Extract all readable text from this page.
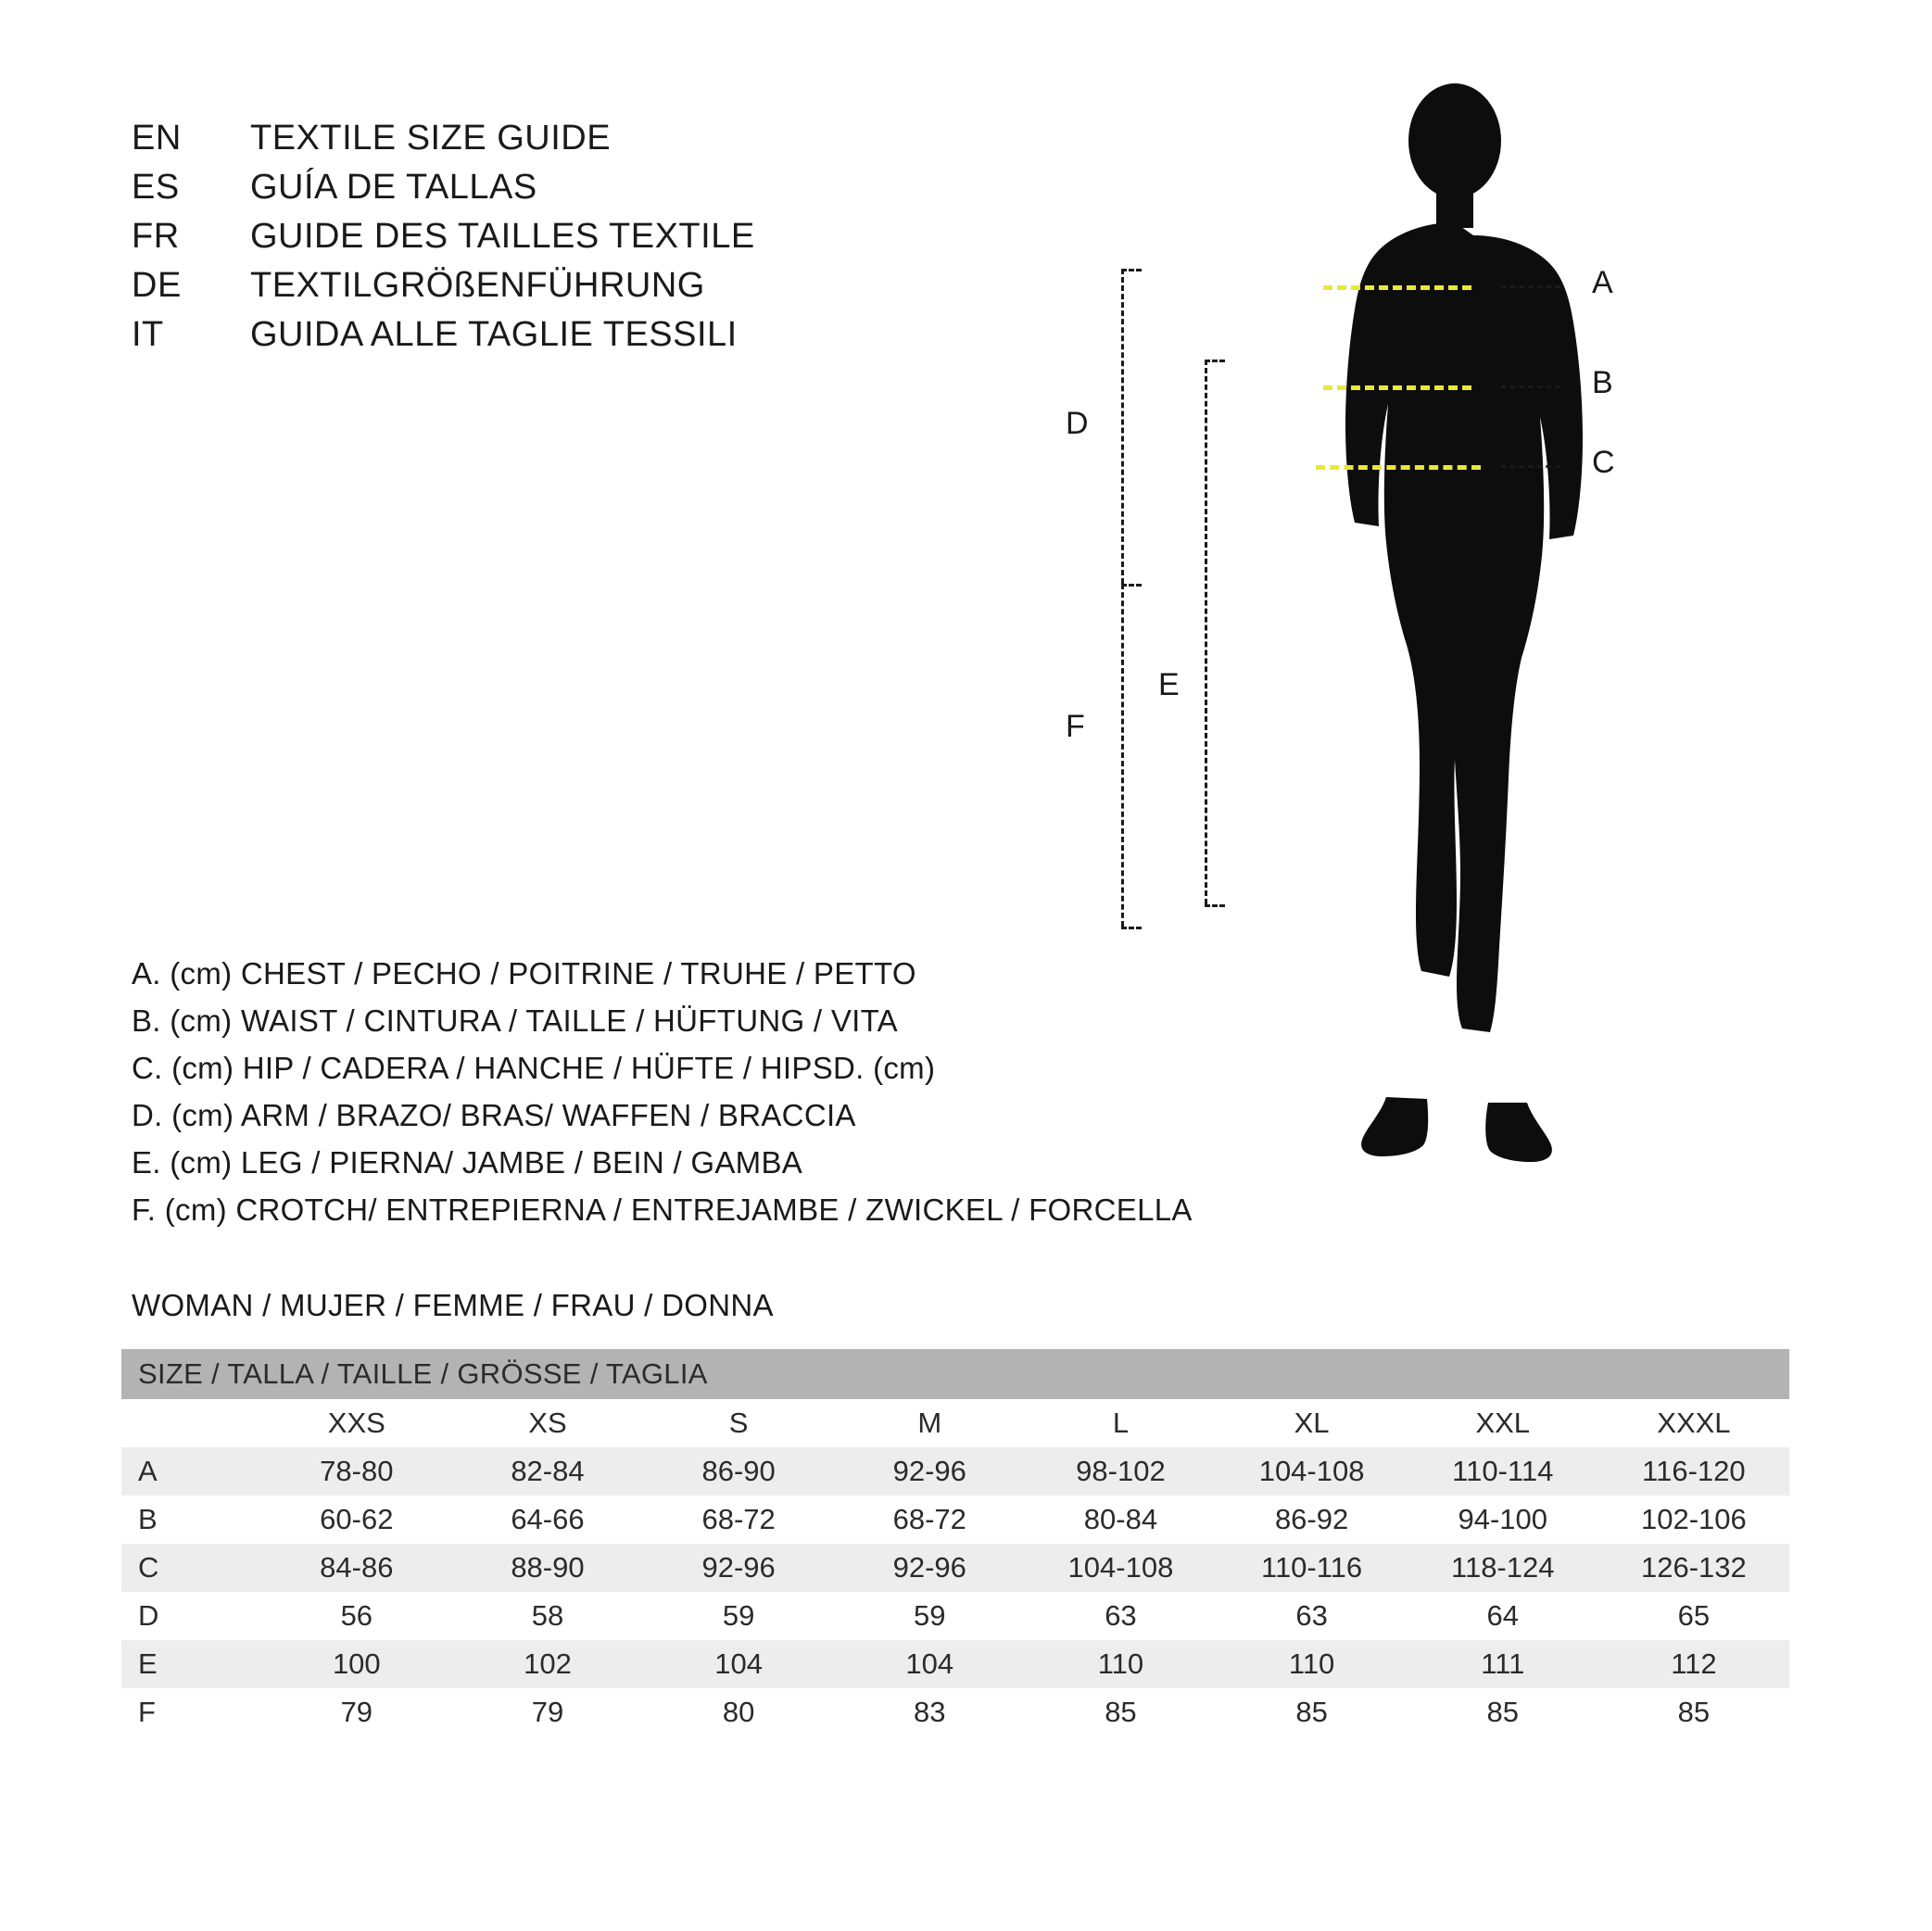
EN	TEXTILE SIZE GUIDE
ES	GUÍA DE TALLAS
FR	GUIDE DES TAILLES TEXTILE
DE	TEXTILGRÖßENFÜHRUNG
IT	GUIDA ALLE TAGLIE TESSILI
D
F
E
A
B
C
A. (cm) CHEST / PECHO / POITRINE / TRUHE / PETTO
B. (cm) WAIST / CINTURA / TAILLE / HÜFTUNG / VITA
C. (cm) HIP / CADERA / HANCHE / HÜFTE / HIPSD. (cm)
D. (cm) ARM / BRAZO/ BRAS/ WAFFEN / BRACCIA
E. (cm) LEG / PIERNA/ JAMBE / BEIN / GAMBA
F. (cm) CROTCH/ ENTREPIERNA / ENTREJAMBE / ZWICKEL / FORCELLA
WOMAN / MUJER / FEMME / FRAU / DONNA
SIZE / TALLA / TAILLE / GRÖSSE / TAGLIA								
	XXS	XS	S	M	L	XL	XXL	XXXL
A	78-80	82-84	86-90	92-96	98-102	104-108	110-114	116-120
B	60-62	64-66	68-72	68-72	80-84	86-92	94-100	102-106
C	84-86	88-90	92-96	92-96	104-108	110-116	118-124	126-132
D	56	58	59	59	63	63	64	65
E	100	102	104	104	110	110	111	112
F	79	79	80	83	85	85	85	85
